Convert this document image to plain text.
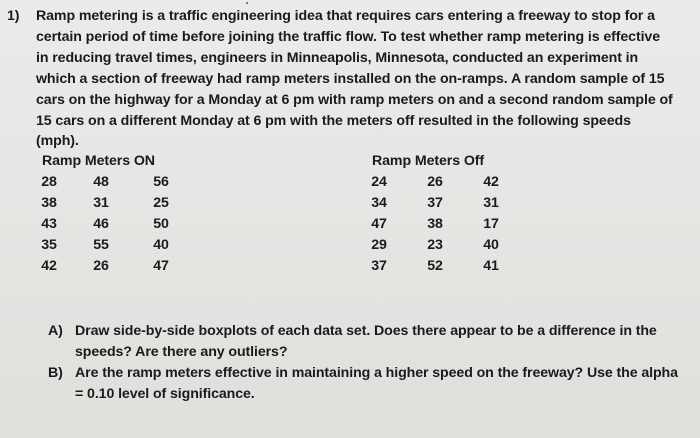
1) Ramp metering is a traffic engineering idea that requires cars entering a freeway to stop for a
certain period of time before joining the traffic flow. To test whether ramp metering is effective
in reducing travel times, engineers in Minneapolis, Minnesota, conducted an experiment in
which a section of freeway had ramp meters installed on the on-ramps. A random sample of 15
cars on the highway for a Monday at 6 pm with ramp meters on and a second random sample of
15 cars on a different Monday at 6 pm with the meters off resulted in the following speeds
(mph).
Ramp Meters ON
28	48	56
38	31	25
43	46	50
35	55	40
42	26	47
Ramp Meters Off
24	26	42
34	37	31
47	38	17
29	23	40
37	52	41
A) Draw side-by-side boxplots of each data set. Does there appear to be a difference in the
speeds? Are there any outliers?
B) Are the ramp meters effective in maintaining a higher speed on the freeway? Use the alpha
= 0.10 level of significance.
